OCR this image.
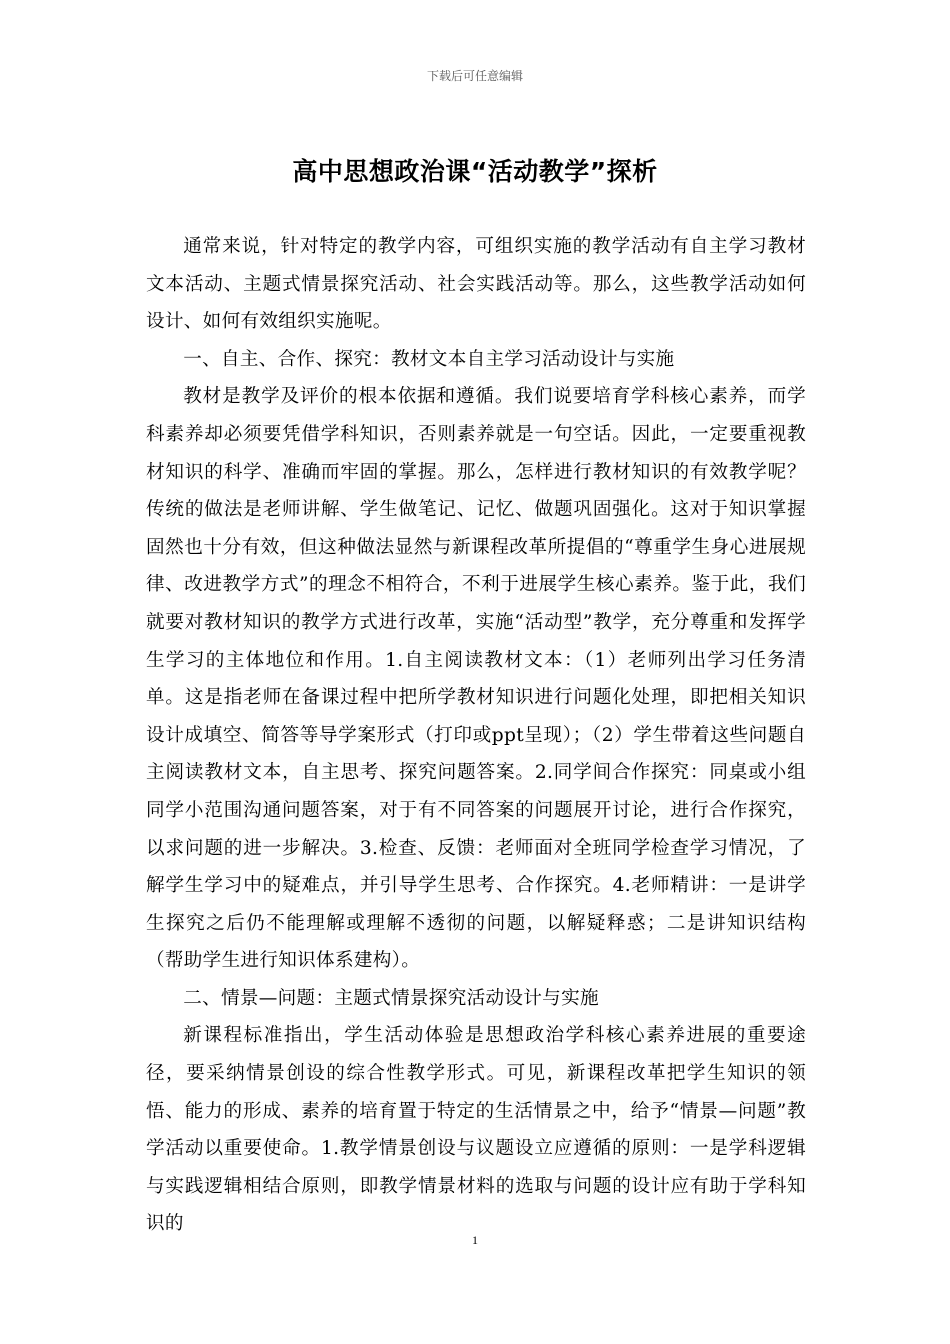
下载后可任意编辑
高中思想政治课“活动教学”探析

通常来说，针对特定的教学内容，可组织实施的教学活动有自主学习教材文本活动、主题式情景探究活动、社会实践活动等。那么，这些教学活动如何设计、如何有效组织实施呢。

一、自主、合作、探究：教材文本自主学习活动设计与实施

教材是教学及评价的根本依据和遵循。我们说要培育学科核心素养，而学科素养却必须要凭借学科知识，否则素养就是一句空话。因此，一定要重视教材知识的科学、准确而牢固的掌握。那么，怎样进行教材知识的有效教学呢？传统的做法是老师讲解、学生做笔记、记忆、做题巩固强化。这对于知识掌握固然也十分有效，但这种做法显然与新课程改革所提倡的“尊重学生身心进展规律、改进教学方式”的理念不相符合，不利于进展学生核心素养。鉴于此，我们就要对教材知识的教学方式进行改革，实施“活动型”教学，充分尊重和发挥学生学习的主体地位和作用。1.自主阅读教材文本：（1）老师列出学习任务清单。这是指老师在备课过程中把所学教材知识进行问题化处理，即把相关知识设计成填空、简答等导学案形式（打印或ppt呈现）；（2）学生带着这些问题自主阅读教材文本，自主思考、探究问题答案。2.同学间合作探究：同桌或小组同学小范围沟通问题答案，对于有不同答案的问题展开讨论，进行合作探究，以求问题的进一步解决。3.检查、反馈：老师面对全班同学检查学习情况，了解学生学习中的疑难点，并引导学生思考、合作探究。4.老师精讲：一是讲学生探究之后仍不能理解或理解不透彻的问题，以解疑释惑；二是讲知识结构（帮助学生进行知识体系建构）。

二、情景—问题：主题式情景探究活动设计与实施

新课程标准指出，学生活动体验是思想政治学科核心素养进展的重要途径，要采纳情景创设的综合性教学形式。可见，新课程改革把学生知识的领悟、能力的形成、素养的培育置于特定的生活情景之中，给予“情景—问题”教学活动以重要使命。1.教学情景创设与议题设立应遵循的原则：一是学科逻辑与实践逻辑相结合原则，即教学情景材料的选取与问题的设计应有助于学科知识的

1
